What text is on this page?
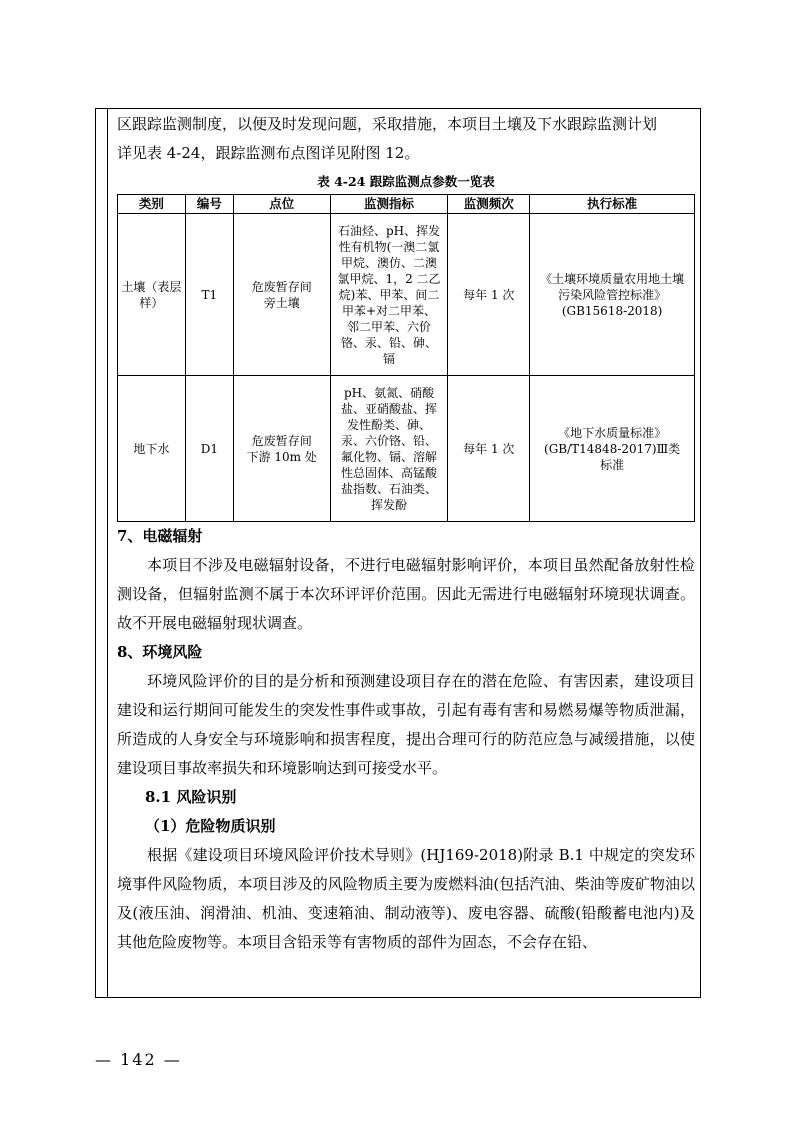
区跟踪监测制度，以便及时发现问题，采取措施，本项目土壤及下水跟踪监测计划

详见表 4-24，跟踪监测布点图详见附图 12。

表 4-24 跟踪监测点参数一览表
类别	编号	点位	监测指标	监测频次	执行标准
土壤（表层样）	T1	危废暂存间旁土壤	石油烃、pH、挥发性有机物(一澳二氯甲烷、澳仿、二澳氯甲烷、1，2 二乙烷)苯、甲苯、间二甲苯+对二甲苯、邻二甲苯、六价铬、汞、铅、砷、镉	每年 1 次	《土壤环境质量农用地土壤污染风险管控标准》(GB15618-2018)
地下水	D1	危废暂存间下游 10m 处	pH、氨氮、硝酸盐、亚硝酸盐、挥发性酚类、砷、汞、六价铬、铅、氟化物、镉、溶解性总固体、高锰酸盐指数、石油类、挥发酚	每年 1 次	《地下水质量标准》(GB/T14848-2017)Ⅲ类标准

7、电磁辐射

本项目不涉及电磁辐射设备，不进行电磁辐射影响评价，本项目虽然配备放射性检测设备，但辐射监测不属于本次环评评价范围。因此无需进行电磁辐射环境现状调查。故不开展电磁辐射现状调查。

8、环境风险

环境风险评价的目的是分析和预测建设项目存在的潜在危险、有害因素，建设项目建设和运行期间可能发生的突发性事件或事故，引起有毒有害和易燃易爆等物质泄漏，所造成的人身安全与环境影响和损害程度，提出合理可行的防范应急与减缓措施，以使建设项目事故率损失和环境影响达到可接受水平。

8.1 风险识别

（1）危险物质识别

根据《建设项目环境风险评价技术导则》(HJ169-2018)附录 B.1 中规定的突发环境事件风险物质，本项目涉及的风险物质主要为废燃料油(包括汽油、柴油等废矿物油以及(液压油、润滑油、机油、变速箱油、制动液等)、废电容器、硫酸(铅酸蓄电池内)及其他危险废物等。本项目含铅汞等有害物质的部件为固态，不会存在铅、

— 142 —
